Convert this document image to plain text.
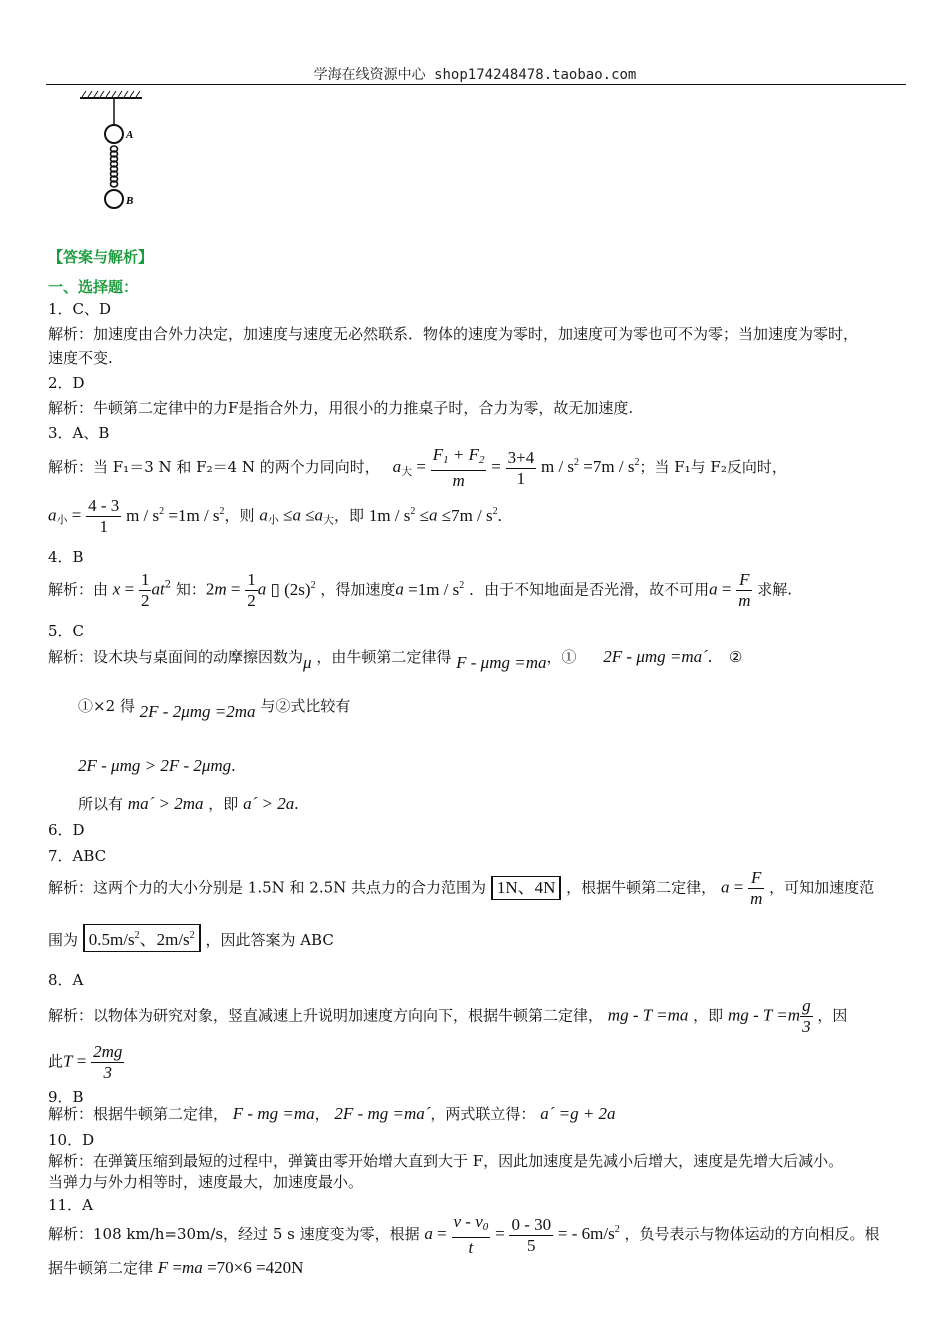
学海在线资源中心 shop174248478.taobao.com
A
B
【答案与解析】
一、选择题：
1．C、D
解析：加速度由合外力决定，加速度与速度无必然联系．物体的速度为零时，加速度可为零也可不为零；当加速度为零时，
速度不变.
2．D
解析：牛顿第二定律中的力F是指合外力，用很小的力推桌子时，合力为零，故无加速度.
3．A、B
解析：当 F₁＝3 N 和 F₂＝4 N 的两个力同向时， $a_大 = \frac{F_1 + F_2}{m} = \frac{3+4}{1}$ $m / s^2 =7m / s^2$；当 F₁与 F₂反向时，
$a_小 = \frac{4 - 3}{1}$ $m / s^2 =1m / s^2$，则 $a_小 \le a \le a_大$，即 $1m / s^2 \le a \le 7m / s^2$.
4．B
解析：由 $x = \frac{1}{2} at^2$ 知：$2m = \frac{1}{2}$ a ▯ $(2s)^2$ ，得加速度$a =1m / s^2$ ．由于不知地面是否光滑，故不可用$a = \frac{F}{m}$ 求解.
5．C
解析：设木块与桌面间的动摩擦因数为μ ，由牛顿第二定律得 F - μmg =ma，① 2F - μmg =ma´. ②
①×2 得 2F - 2μmg =2ma 与②式比较有
2F - μmg > 2F - 2μmg.
所以有 ma´ > 2ma ，即 a´ > 2a.
6．D
7．ABC
解析：这两个力的大小分别是 1.5N 和 2.5N 共点力的合力范围为 1N、4N ，根据牛顿第二定律， $a = \frac{F}{m}$ ，可知加速度范
围为 $0.5m/s^2$、$2m/s^2$ ，因此答案为 ABC
8．A
解析：以物体为研究对象，竖直减速上升说明加速度方向向下，根据牛顿第二定律， mg - T =ma ，即 mg - $T =m \frac{g}{3}$ ，因
此$T = \frac{2mg}{3}$
9．B
解析：根据牛顿第二定律， F - mg =ma， 2F - mg =ma´，两式联立得： a´ =g + 2a
10．D
解析：在弹簧压缩到最短的过程中，弹簧由零开始增大直到大于 F，因此加速度是先减小后增大，速度是先增大后减小。
当弹力与外力相等时，速度最大，加速度最小。
11．A
解析：108 km/h=30m/s，经过 5 s 速度变为零，根据 $a = \frac{v - v_0}{t} = \frac{0 - 30}{5}$ = - $6m/s^2$ ，负号表示与物体运动的方向相反。根
据牛顿第二定律 F =ma =70×6 =420N
